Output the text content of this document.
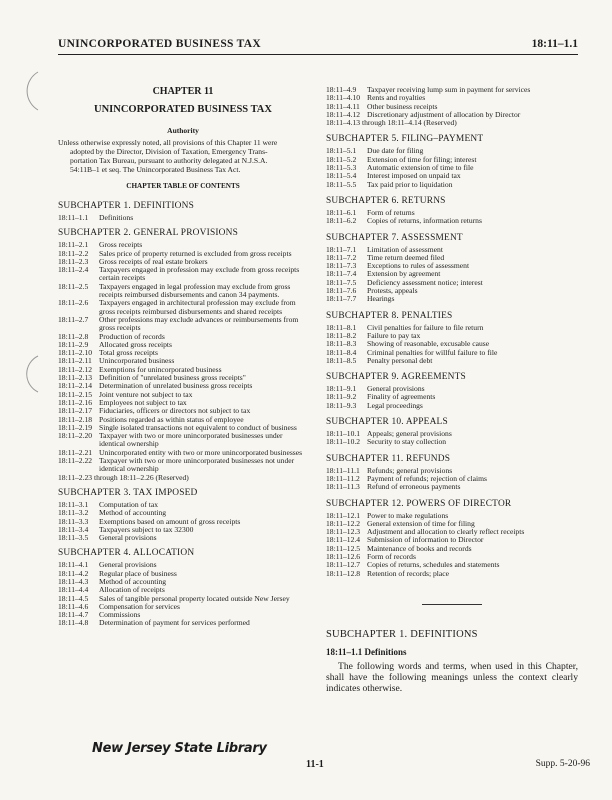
UNINCORPORATED BUSINESS TAX	18:11–1.1
CHAPTER 11
UNINCORPORATED BUSINESS TAX
Authority
Unless otherwise expressly noted, all provisions of this Chapter 11 were
adopted by the Director, Division of Taxation, Emergency Trans-
portation Tax Bureau, pursuant to authority delegated at N.J.S.A.
54:11B–1 et seq. The Unincorporated Business Tax Act.
CHAPTER TABLE OF CONTENTS
SUBCHAPTER 1. DEFINITIONS
18:11–1.1	Definitions
SUBCHAPTER 2. GENERAL PROVISIONS
18:11–2.1	Gross receipts
18:11–2.2	Sales price of property returned is excluded from gross receipts
18:11–2.3	Gross receipts of real estate brokers
18:11–2.4	Taxpayers engaged in profession may exclude from gross receipts certain receipts
18:11–2.5	Taxpayers engaged in legal profession may exclude from gross receipts reimbursed disbursements and canon 34 payments.
18:11–2.6	Taxpayers engaged in architectural profession may exclude from gross receipts reimbursed disbursements and shared receipts
18:11–2.7	Other professions may exclude advances or reimbursements from gross receipts
18:11–2.8	Production of records
18:11–2.9	Allocated gross receipts
18:11–2.10 Total gross receipts
18:11–2.11 Unincorporated business
18:11–2.12 Exemptions for unincorporated business
18:11–2.13 Definition of "unrelated business gross receipts"
18:11–2.14 Determination of unrelated business gross receipts
18:11–2.15 Joint venture not subject to tax
18:11–2.16 Employees not subject to tax
18:11–2.17 Fiduciaries, officers or directors not subject to tax
18:11–2.18 Positions regarded as within status of employee
18:11–2.19 Single isolated transactions not equivalent to conduct of business
18:11–2.20 Taxpayer with two or more unincorporated businesses under identical ownership
18:11–2.21 Unincorporated entity with two or more unincorporated businesses
18:11–2.22 Taxpayer with two or more unincorporated businesses not under identical ownership
18:11–2.23 through 18:11–2.26 (Reserved)
SUBCHAPTER 3. TAX IMPOSED
18:11–3.1	Computation of tax
18:11–3.2	Method of accounting
18:11–3.3	Exemptions based on amount of gross receipts
18:11–3.4	Taxpayers subject to tax 32300
18:11–3.5	General provisions
SUBCHAPTER 4. ALLOCATION
18:11–4.1	General provisions
18:11–4.2	Regular place of business
18:11–4.3	Method of accounting
18:11–4.4	Allocation of receipts
18:11–4.5	Sales of tangible personal property located outside New Jersey
18:11–4.6	Compensation for services
18:11–4.7	Commissions
18:11–4.8	Determination of payment for services performed
18:11–4.9	Taxpayer receiving lump sum in payment for services
18:11–4.10 Rents and royalties
18:11–4.11 Other business receipts
18:11–4.12 Discretionary adjustment of allocation by Director
18:11–4.13 through 18:11–4.14 (Reserved)
SUBCHAPTER 5. FILING–PAYMENT
18:11–5.1	Due date for filing
18:11–5.2	Extension of time for filing; interest
18:11–5.3	Automatic extension of time to file
18:11–5.4	Interest imposed on unpaid tax
18:11–5.5	Tax paid prior to liquidation
SUBCHAPTER 6. RETURNS
18:11–6.1	Form of returns
18:11–6.2	Copies of returns, information returns
SUBCHAPTER 7. ASSESSMENT
18:11–7.1	Limitation of assessment
18:11–7.2	Time return deemed filed
18:11–7.3	Exceptions to rules of assessment
18:11–7.4	Extension by agreement
18:11–7.5	Deficiency assessment notice; interest
18:11–7.6	Protests, appeals
18:11–7.7	Hearings
SUBCHAPTER 8. PENALTIES
18:11–8.1	Civil penalties for failure to file return
18:11–8.2	Failure to pay tax
18:11–8.3	Showing of reasonable, excusable cause
18:11–8.4	Criminal penalties for willful failure to file
18:11–8.5	Penalty personal debt
SUBCHAPTER 9. AGREEMENTS
18:11–9.1	General provisions
18:11–9.2	Finality of agreements
18:11–9.3	Legal proceedings
SUBCHAPTER 10. APPEALS
18:11–10.1 Appeals; general provisions
18:11–10.2 Security to stay collection
SUBCHAPTER 11. REFUNDS
18:11–11.1 Refunds; general provisions
18:11–11.2 Payment of refunds; rejection of claims
18:11–11.3 Refund of erroneous payments
SUBCHAPTER 12. POWERS OF DIRECTOR
18:11–12.1 Power to make regulations
18:11–12.2 General extension of time for filing
18:11–12.3 Adjustment and allocation to clearly reflect receipts
18:11–12.4 Submission of information to Director
18:11–12.5 Maintenance of books and records
18:11–12.6 Form of records
18:11–12.7 Copies of returns, schedules and statements
18:11–12.8 Retention of records; place
SUBCHAPTER 1. DEFINITIONS
18:11–1.1 Definitions

The following words and terms, when used in this Chapter, shall have the following meanings unless the context clearly indicates otherwise.

New Jersey State Library
11-1	Supp. 5-20-96
